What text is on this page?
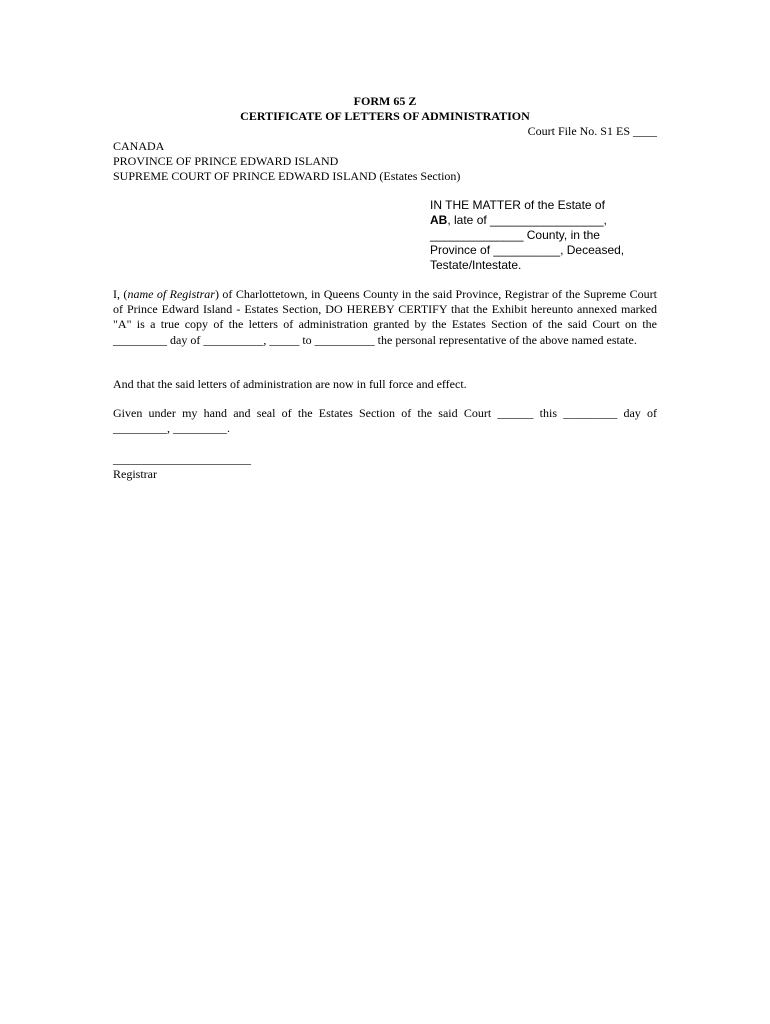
FORM 65 Z
CERTIFICATE OF LETTERS OF ADMINISTRATION
Court File No. S1 ES ____
CANADA
PROVINCE OF PRINCE EDWARD ISLAND
SUPREME COURT OF PRINCE EDWARD ISLAND (Estates Section)
IN THE MATTER of the Estate of
AB, late of _________________,
______________ County, in the
Province of __________, Deceased,
Testate/Intestate.
I, (name of Registrar) of Charlottetown, in Queens County in the said Province, Registrar of the Supreme Court of Prince Edward Island - Estates Section, DO HEREBY CERTIFY that the Exhibit hereunto annexed marked "A" is a true copy of the letters of administration granted by the Estates Section of the said Court on the _________ day of __________, _____ to __________ the personal representative of the above named estate.
And that the said letters of administration are now in full force and effect.
Given under my hand and seal of the Estates Section of the said Court ______ this _________ day of _________, _________.
_______________________
Registrar
